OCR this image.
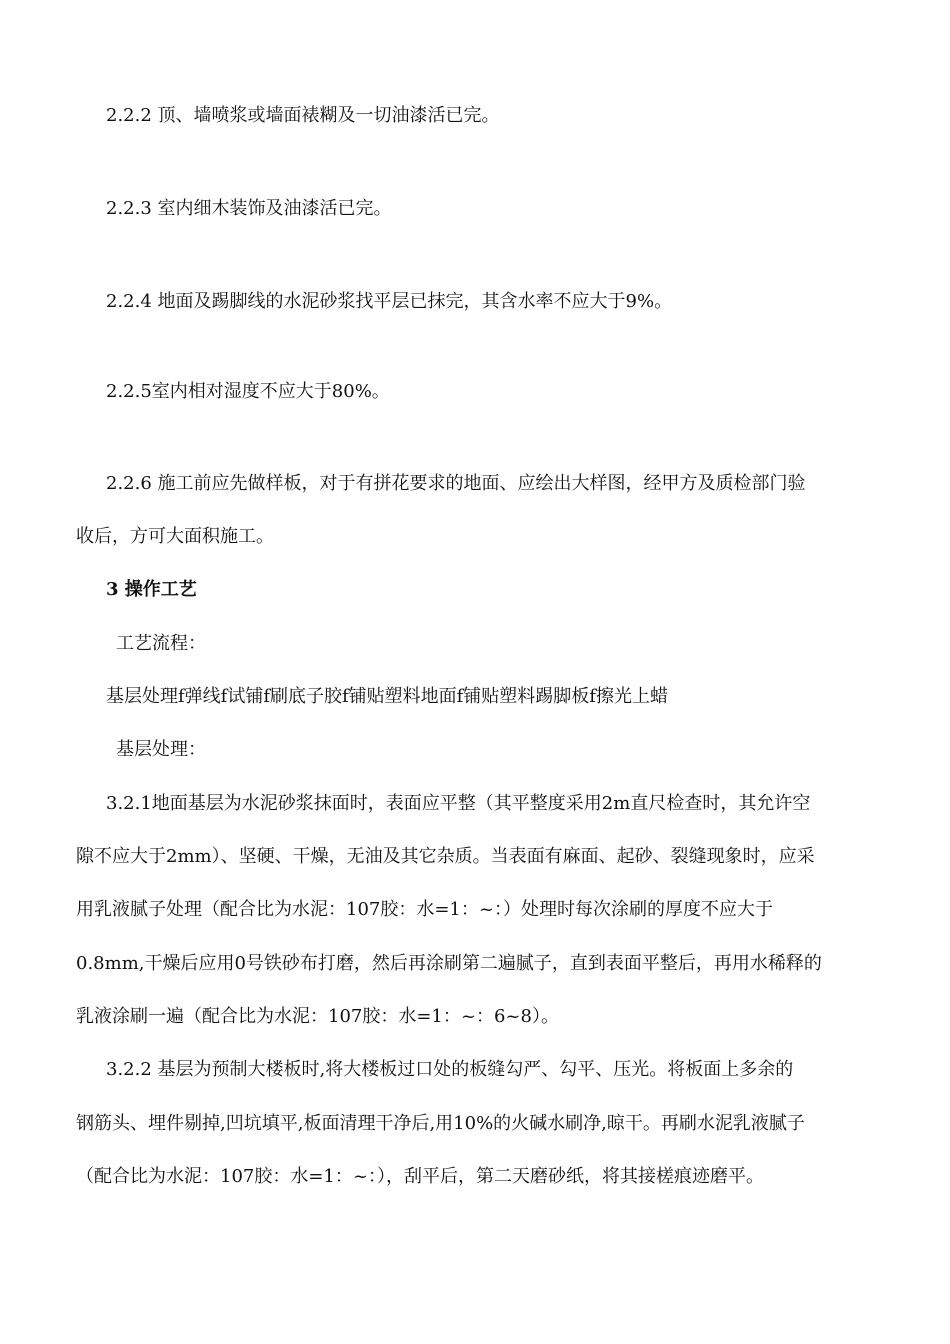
2.2.2 顶、墙喷浆或墙面裱糊及一切油漆活已完。
2.2.3 室内细木装饰及油漆活已完。
2.2.4 地面及踢脚线的水泥砂浆找平层已抹完，其含水率不应大于9%。
2.2.5室内相对湿度不应大于80%。
2.2.6 施工前应先做样板，对于有拼花要求的地面、应绘出大样图，经甲方及质检部门验
收后，方可大面积施工。
3 操作工艺
工艺流程：
基层处理f弹线f试铺f刷底子胶f铺贴塑料地面f铺贴塑料踢脚板f擦光上蜡
基层处理：
3.2.1地面基层为水泥砂浆抹面时，表面应平整（其平整度采用2m直尺检查时，其允许空
隙不应大于2mm）、坚硬、干燥，无油及其它杂质。当表面有麻面、起砂、裂缝现象时，应采
用乳液腻子处理（配合比为水泥：107胶：水=1：~：）处理时每次涂刷的厚度不应大于
0.8mm,干燥后应用0号铁砂布打磨，然后再涂刷第二遍腻子，直到表面平整后，再用水稀释的
乳液涂刷一遍（配合比为水泥：107胶：水=1：~：6~8）。
3.2.2 基层为预制大楼板时,将大楼板过口处的板缝勾严、勾平、压光。将板面上多余的
钢筋头、埋件剔掉,凹坑填平,板面清理干净后,用10%的火碱水刷净,晾干。再刷水泥乳液腻子
（配合比为水泥：107胶：水=1：~：），刮平后，第二天磨砂纸，将其接槎痕迹磨平。
